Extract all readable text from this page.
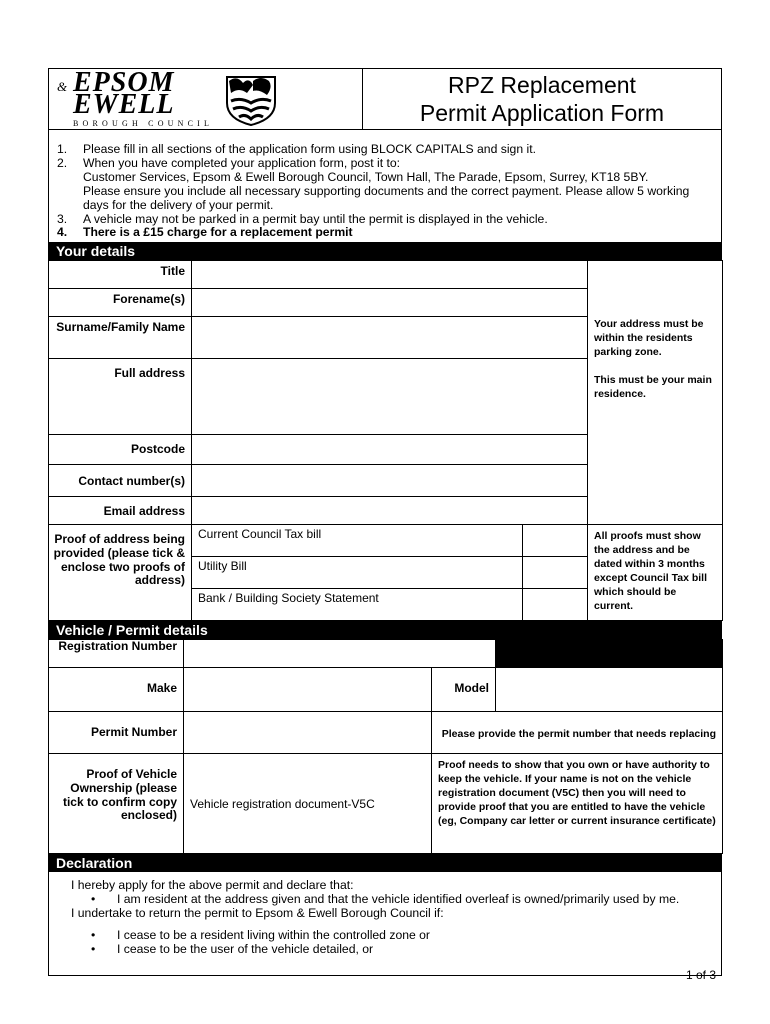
& EPSOM
EWELL
BOROUGH COUNCIL
RPZ Replacement
Permit Application Form
1.	Please fill in all sections of the application form using BLOCK CAPITALS and sign it.
2.	When you have completed your application form, post it to:
Customer Services, Epsom & Ewell Borough Council, Town Hall, The Parade, Epsom, Surrey, KT18 5BY.
Please ensure you include all necessary supporting documents and the correct payment. Please allow 5 working days for the delivery of your permit.
3.	A vehicle may not be parked in a permit bay until the permit is displayed in the vehicle.
4.	There is a £15 charge for a replacement permit
Your details
Title			Your address must be within the residents parking zone.
This must be your main residence.

Forename(s)			
Surname/Family Name			
Full address			
Postcode			
Contact number(s)			
Email address			
Proof of address being provided (please tick & enclose two proofs of address)	Current Council Tax bill		All proofs must show the address and be dated within 3 months except Council Tax bill which should be current.
	Utility Bill		
	Bank / Building Society Statement		
Vehicle / Permit details
Registration Number			
Make		Model	
Permit Number		Please provide the permit number that needs replacing	
Proof of Vehicle Ownership (please tick to confirm copy enclosed)	Vehicle registration document-V5C	Proof needs to show that you own or have authority to keep the vehicle. If your name is not on the vehicle registration document (V5C) then you will need to provide proof that you are entitled to have the vehicle (eg, Company car letter or current insurance certificate)	
Declaration
I hereby apply for the above permit and declare that:
•	I am resident at the address given and that the vehicle identified overleaf is owned/primarily used by me.
I undertake to return the permit to Epsom & Ewell Borough Council if:
•	I cease to be a resident living within the controlled zone or
•	I cease to be the user of the vehicle detailed, or
1 of 3
